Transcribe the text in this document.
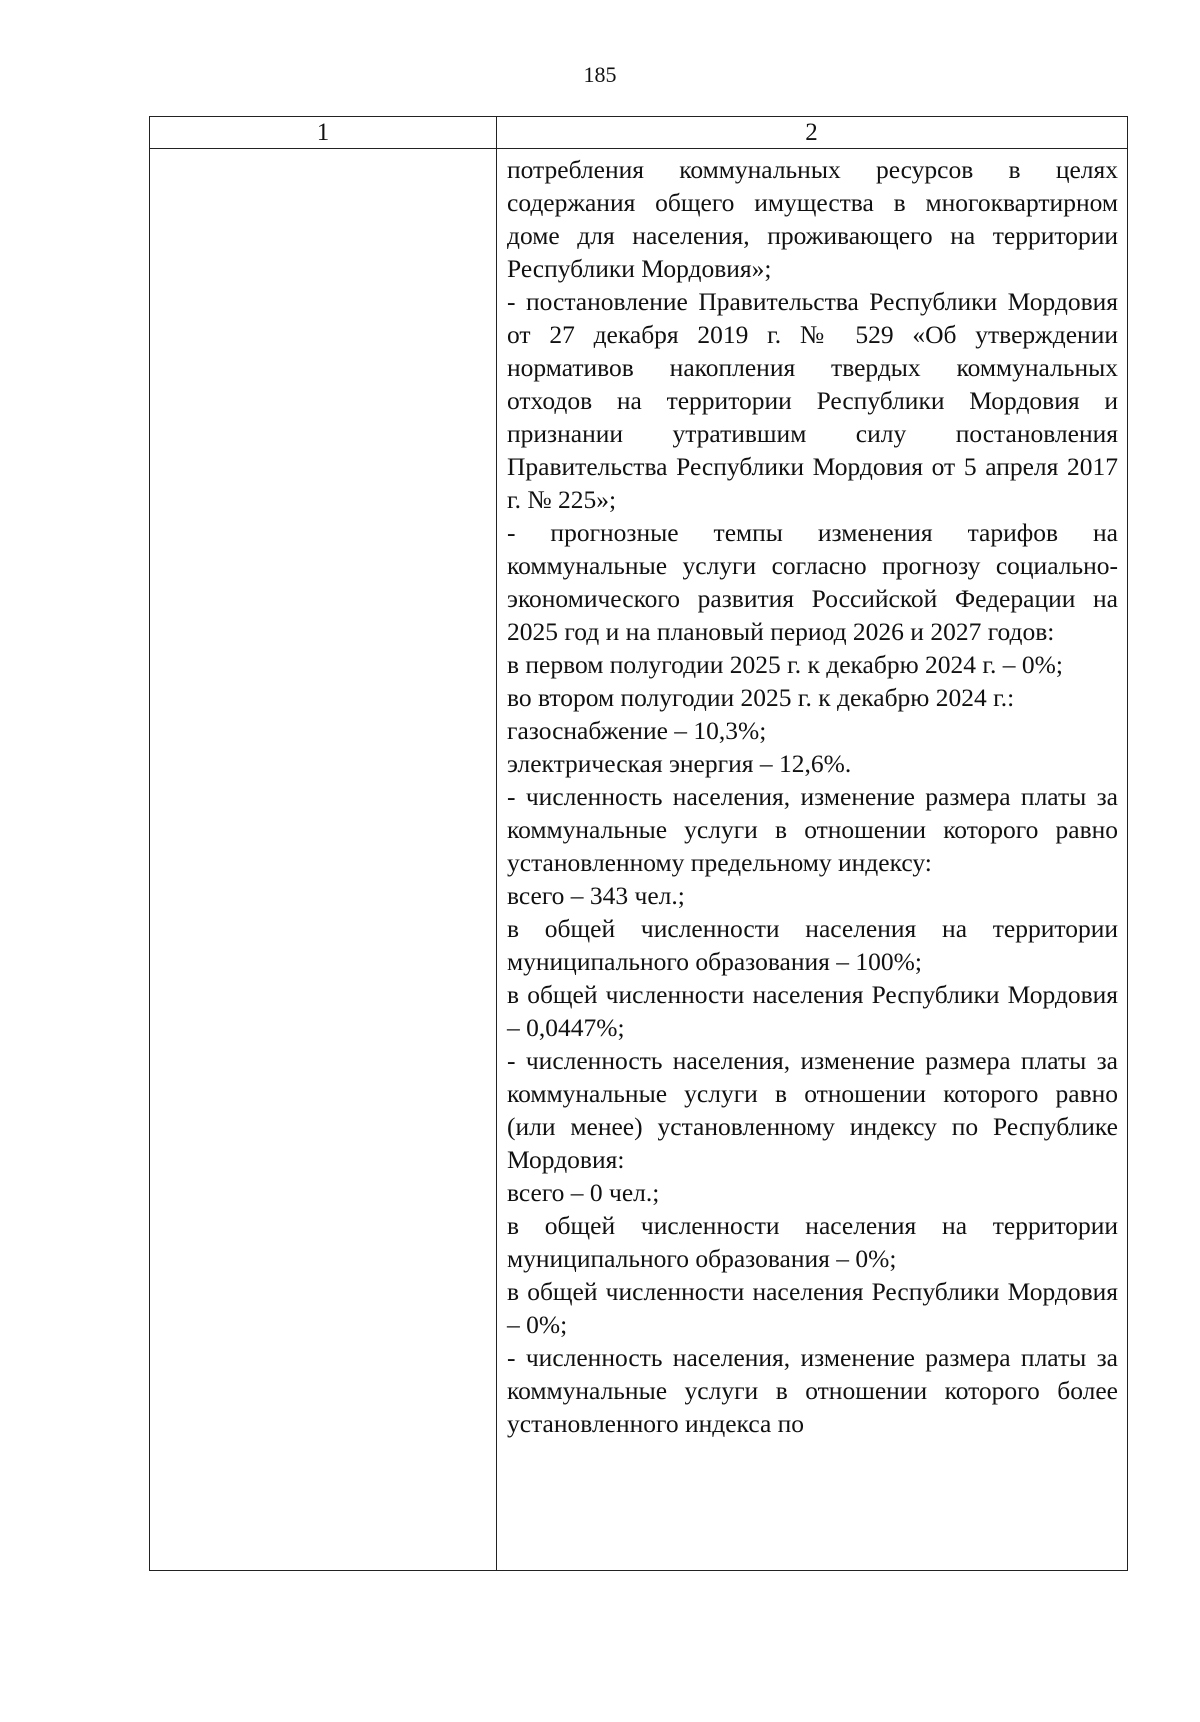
185
1	2

потребления коммунальных ресурсов в целях содержания общего имущества в многоквартирном доме для населения, проживающего на территории Республики Мордовия»;

- постановление Правительства Республики Мордовия от 27 декабря 2019 г. № 529 «Об утверждении нормативов накопления твердых коммунальных отходов на территории Республики Мордовия и признании утратившим силу постановления Правительства Республики Мордовия от 5 апреля 2017 г. № 225»;

- прогнозные темпы изменения тарифов на коммунальные услуги согласно прогнозу социально-экономического развития Российской Федерации на 2025 год и на плановый период 2026 и 2027 годов:

в первом полугодии 2025 г. к декабрю 2024 г. – 0%;

во втором полугодии 2025 г. к декабрю 2024 г.:

газоснабжение – 10,3%;

электрическая энергия – 12,6%.

- численность населения, изменение размера платы за коммунальные услуги в отношении которого равно установленному предельному индексу:

всего – 343 чел.;

в общей численности населения на территории муниципального образования – 100%;

в общей численности населения Республики Мордовия – 0,0447%;

- численность населения, изменение размера платы за коммунальные услуги в отношении которого равно (или менее) установленному индексу по Республике Мордовия:

всего – 0 чел.;

в общей численности населения на территории муниципального образования – 0%;

в общей численности населения Республики Мордовия – 0%;

- численность населения, изменение размера платы за коммунальные услуги в отношении которого более установленного индекса по
